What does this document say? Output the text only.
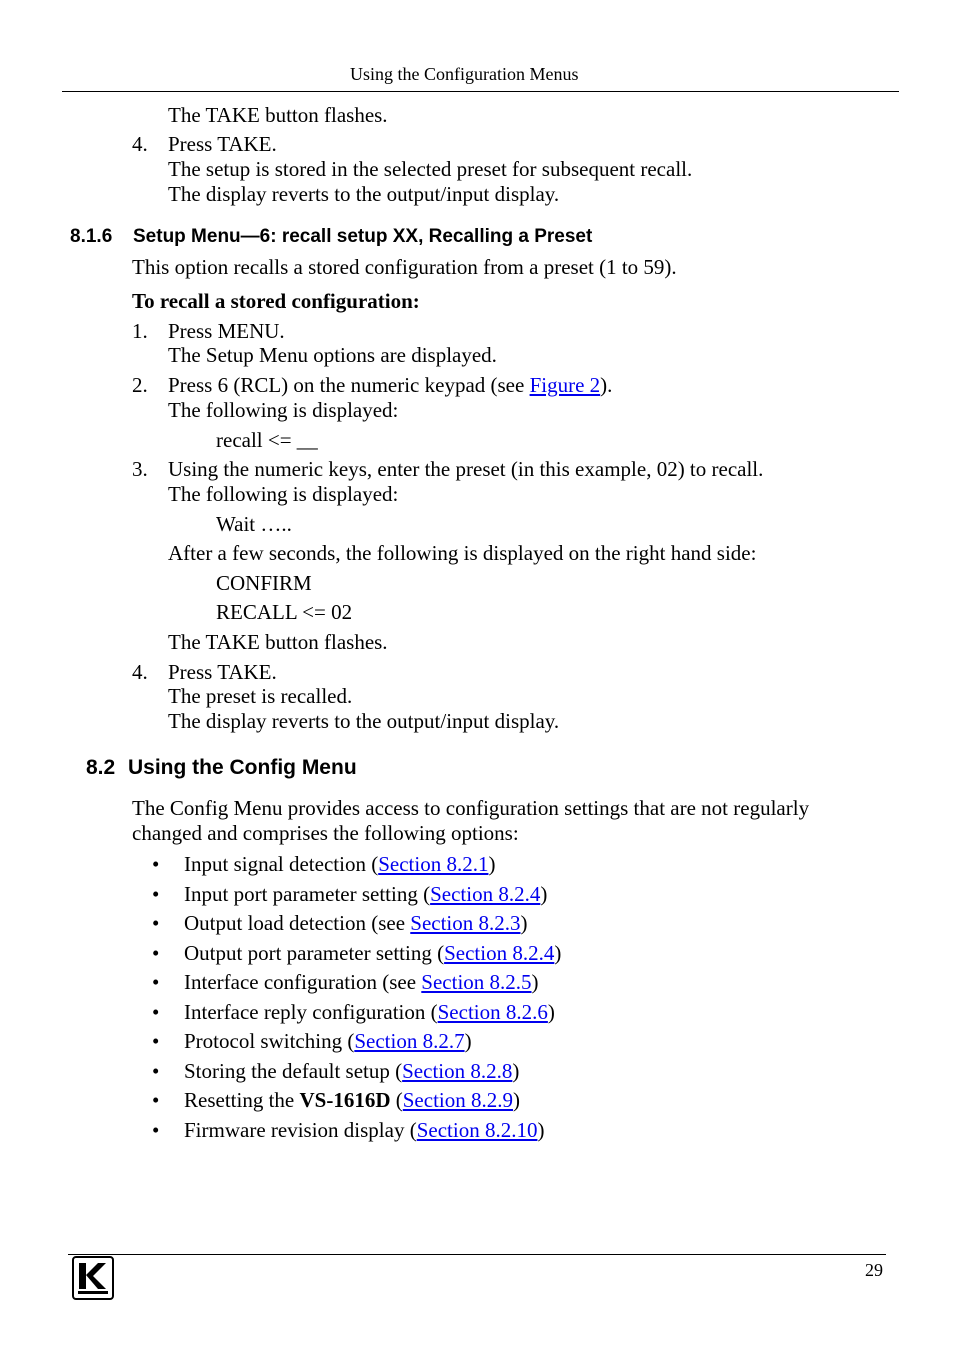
Using the Configuration Menus
The TAKE button flashes.
4. Press TAKE.
The setup is stored in the selected preset for subsequent recall.
The display reverts to the output/input display.
8.1.6 Setup Menu—6: recall setup XX, Recalling a Preset
This option recalls a stored configuration from a preset (1 to 59).
To recall a stored configuration:
1. Press MENU.
The Setup Menu options are displayed.
2. Press 6 (RCL) on the numeric keypad (see Figure 2).
The following is displayed:
recall <= __
3. Using the numeric keys, enter the preset (in this example, 02) to recall.
The following is displayed:
Wait …..
After a few seconds, the following is displayed on the right hand side:
CONFIRM
RECALL <= 02
The TAKE button flashes.
4. Press TAKE.
The preset is recalled.
The display reverts to the output/input display.
8.2 Using the Config Menu
The Config Menu provides access to configuration settings that are not regularly
changed and comprises the following options:
• Input signal detection (Section 8.2.1)
• Input port parameter setting (Section 8.2.4)
• Output load detection (see Section 8.2.3)
• Output port parameter setting (Section 8.2.4)
• Interface configuration (see Section 8.2.5)
• Interface reply configuration (Section 8.2.6)
• Protocol switching (Section 8.2.7)
• Storing the default setup (Section 8.2.8)
• Resetting the VS-1616D (Section 8.2.9)
• Firmware revision display (Section 8.2.10)
29
